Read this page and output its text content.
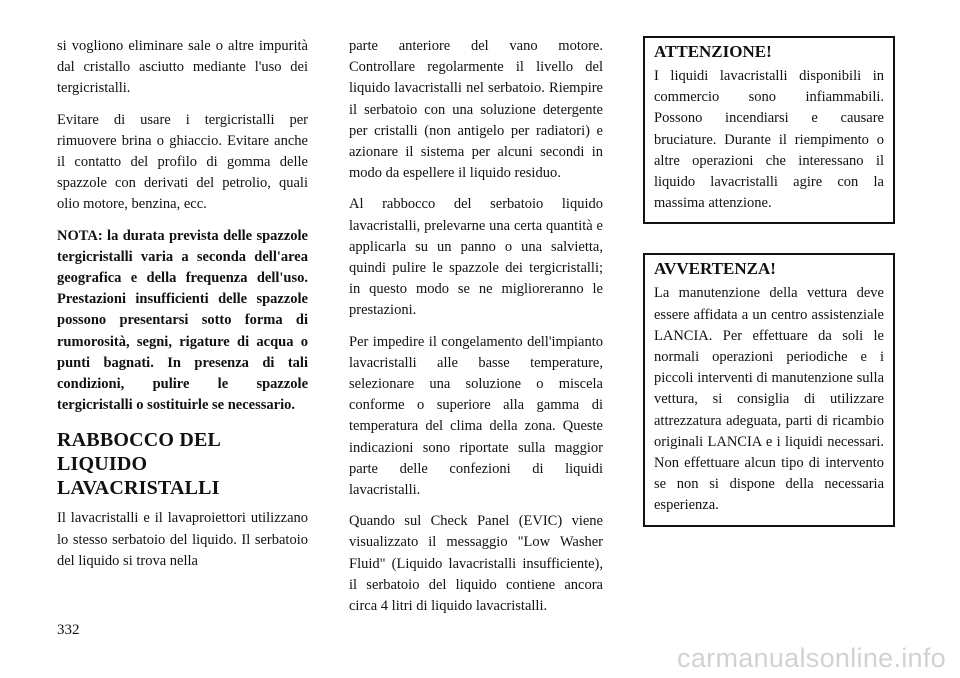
si vogliono eliminare sale o altre impurità dal cristallo asciutto mediante l'uso dei tergicristalli.

Evitare di usare i tergicristalli per rimuovere brina o ghiaccio. Evitare anche il contatto del profilo di gomma delle spazzole con derivati del petrolio, quali olio motore, benzina, ecc.

NOTA: la durata prevista delle spazzole tergicristalli varia a seconda dell'area geografica e della frequenza dell'uso. Prestazioni insufficienti delle spazzole possono presentarsi sotto forma di rumorosità, segni, rigature di acqua o punti bagnati. In presenza di tali condizioni, pulire le spazzole tergicristalli o sostituirle se necessario.

RABBOCCO DEL LIQUIDO LAVACRISTALLI

Il lavacristalli e il lavaproiettori utilizzano lo stesso serbatoio del liquido. Il serbatoio del liquido si trova nella

parte anteriore del vano motore. Controllare regolarmente il livello del liquido lavacristalli nel serbatoio. Riempire il serbatoio con una soluzione detergente per cristalli (non antigelo per radiatori) e azionare il sistema per alcuni secondi in modo da espellere il liquido residuo.

Al rabbocco del serbatoio liquido lavacristalli, prelevarne una certa quantità e applicarla su un panno o una salvietta, quindi pulire le spazzole dei tergicristalli; in questo modo se ne miglioreranno le prestazioni.

Per impedire il congelamento dell'impianto lavacristalli alle basse temperature, selezionare una soluzione o miscela conforme o superiore alla gamma di temperatura del clima della zona. Queste indicazioni sono riportate sulla maggior parte delle confezioni di liquidi lavacristalli.

Quando sul Check Panel (EVIC) viene visualizzato il messaggio "Low Washer Fluid" (Liquido lavacristalli insufficiente), il serbatoio del liquido contiene ancora circa 4 litri di liquido lavacristalli.

ATTENZIONE!

I liquidi lavacristalli disponibili in commercio sono infiammabili. Possono incendiarsi e causare bruciature. Durante il riempimento o altre operazioni che interessano il liquido lavacristalli agire con la massima attenzione.

AVVERTENZA!

La manutenzione della vettura deve essere affidata a un centro assistenziale LANCIA. Per effettuare da soli le normali operazioni periodiche e i piccoli interventi di manutenzione sulla vettura, si consiglia di utilizzare attrezzatura adeguata, parti di ricambio originali LANCIA e i liquidi necessari. Non effettuare alcun tipo di intervento se non si dispone della necessaria esperienza.

332
carmanualsonline.info
